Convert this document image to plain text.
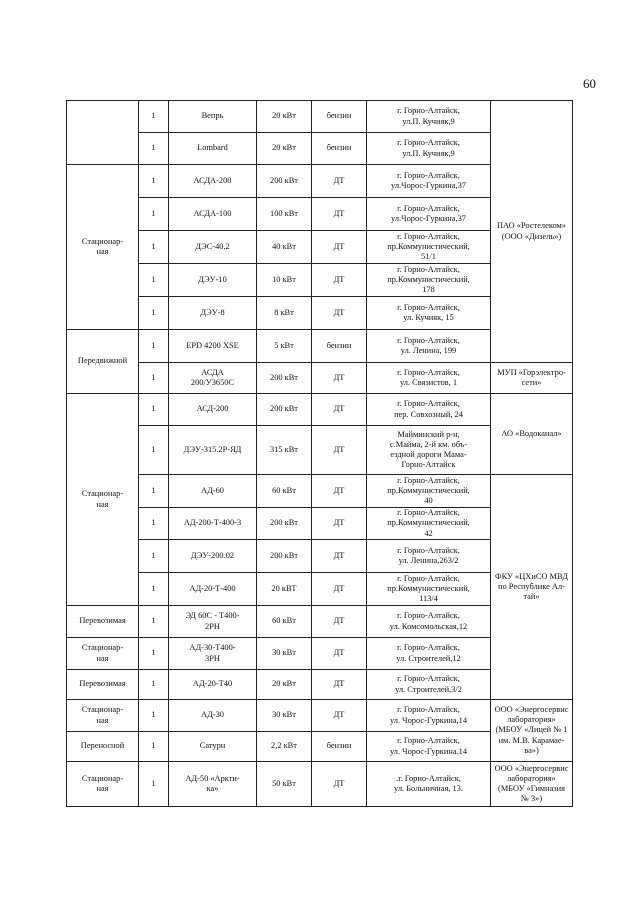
60
	1	Вепрь	20 кВт	бензин	г. Горно-Алтайск,
ул.П. Кучияк,9	ПАО «Ростелеком»
(ООО «Дизель»)
	1	Lombard	20 кВт	бензин	г. Горно-Алтайск,
ул.П. Кучияк,9	
Стационар-
ная	1	АСДА-200	200 кВт	ДТ	г. Горно-Алтайск,
ул.Чорос-Гуркина,37	
	1	АСДА-100	100 кВт	ДТ	г. Горно-Алтайск,
ул.Чорос-Гуркина,37	
	1	ДЭС-40.2	40 кВт	ДТ	г. Горно-Алтайск,
пр.Коммунистический,
51/1	
	1	ДЭУ-10	10 кВт	ДТ	г. Горно-Алтайск,
пр.Коммунистический,
178	
	1	ДЭУ-8	8 кВт	ДТ	г. Горно-Алтайск,
ул. Кучияк, 15	
Передвижной	1	EPD 4200 XSE	5 кВт	бензин	г. Горно-Алтайск,
ул. Ленина, 199	
	1	АСДА
200/У3650С	200 кВт	ДТ	г. Горно-Алтайск,
ул. Связистов, 1	МУП «Горэлектро-
сети»
Стационар-
ная	1	АСД-200	200 кВт	ДТ	г. Горно-Алтайск,
пер. Совхозный, 24	АО «Водоканал»
	1	ДЭУ-315.2Р-ЯД	315 кВт	ДТ	Майминский р-н,
с.Майма, 2-й км. объ-
ездной дороги Мама-
Горно-Алтайск	
	1	АД-60	60 кВт	ДТ	г. Горно-Алтайск,
пр.Коммунистический,
40	ФКУ «ЦХиСО МВД
по Республике Ал-
тай»
	1	АД-200-Т-400-3	200 кВт	ДТ	г. Горно-Алтайск,
пр.Коммунистический,
42	
	1	ДЭУ-200.02	200 кВт	ДТ	г. Горно-Алтайск,
ул. Ленина,263/2	
	1	АД-20-Т-400	20 кВТ	ДТ	г. Горно-Алтайск,
пр.Коммунистический,
113/4	
Перевозимая	1	ЭД 60С - Т400-
2РН	60 кВт	ДТ	г. Горно-Алтайск,
ул. Комсомольская,12	
Стационар-
ная	1	АД-30-Т400-
3РН	30 кВт	ДТ	г. Горно-Алтайск,
ул. Строителей,12	
Перевозимая	1	АД-20-Т40	20 кВт	ДТ	г. Горно-Алтайск,
ул. Строителей,3/2	
Стационар-
ная	1	АД-30	30 кВт	ДТ	г. Горно-Алтайск,
ул. Чорос-Гуркина,14	ООО «Энергосервис
лаборатория»
(МБОУ «Лицей № 1
им. М.В. Карамае-
ва»)
Переносной	1	Сатурн	2,2 кВт	бензин	г. Горно-Алтайск,
ул. Чорос-Гуркина.14	
Стационар-
ная	1	АД-50 «Аркти-
ка»	50 кВт	ДТ	.г. Горно-Алтайск,
ул. Больничная, 13.	ООО «Энергосервис
лаборатория»
(МБОУ «Гимназия
№ 3»)
